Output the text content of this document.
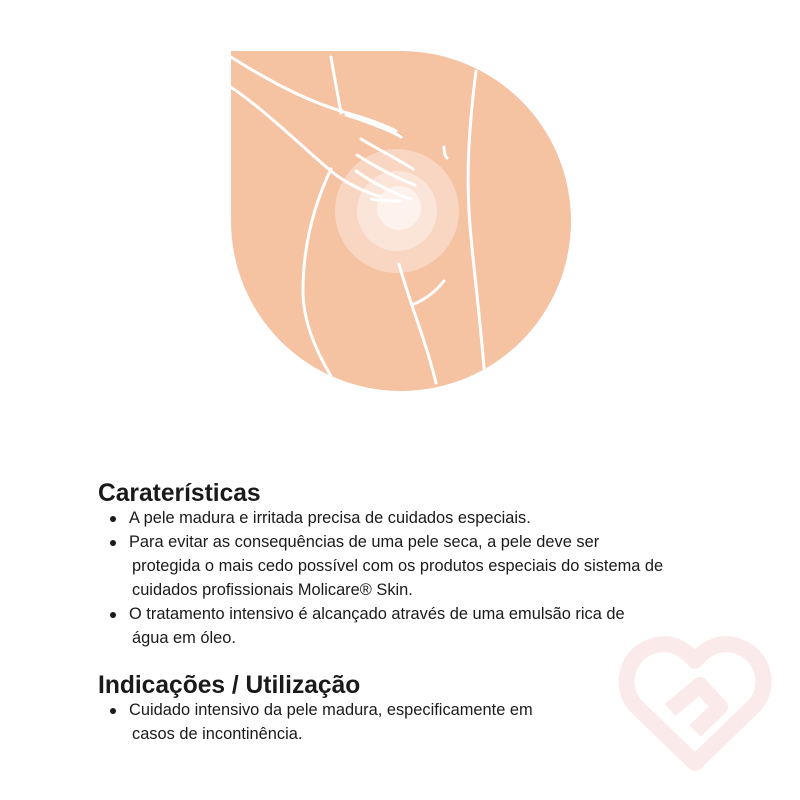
Caraterísticas
A pele madura e irritada precisa de cuidados especiais.
Para evitar as consequências de uma pele seca, a pele deve ser
protegida o mais cedo possível com os produtos especiais do sistema de
cuidados profissionais Molicare® Skin.
O tratamento intensivo é alcançado através de uma emulsão rica de
água em óleo.
Indicações / Utilização
Cuidado intensivo da pele madura, especificamente em
casos de incontinência.
